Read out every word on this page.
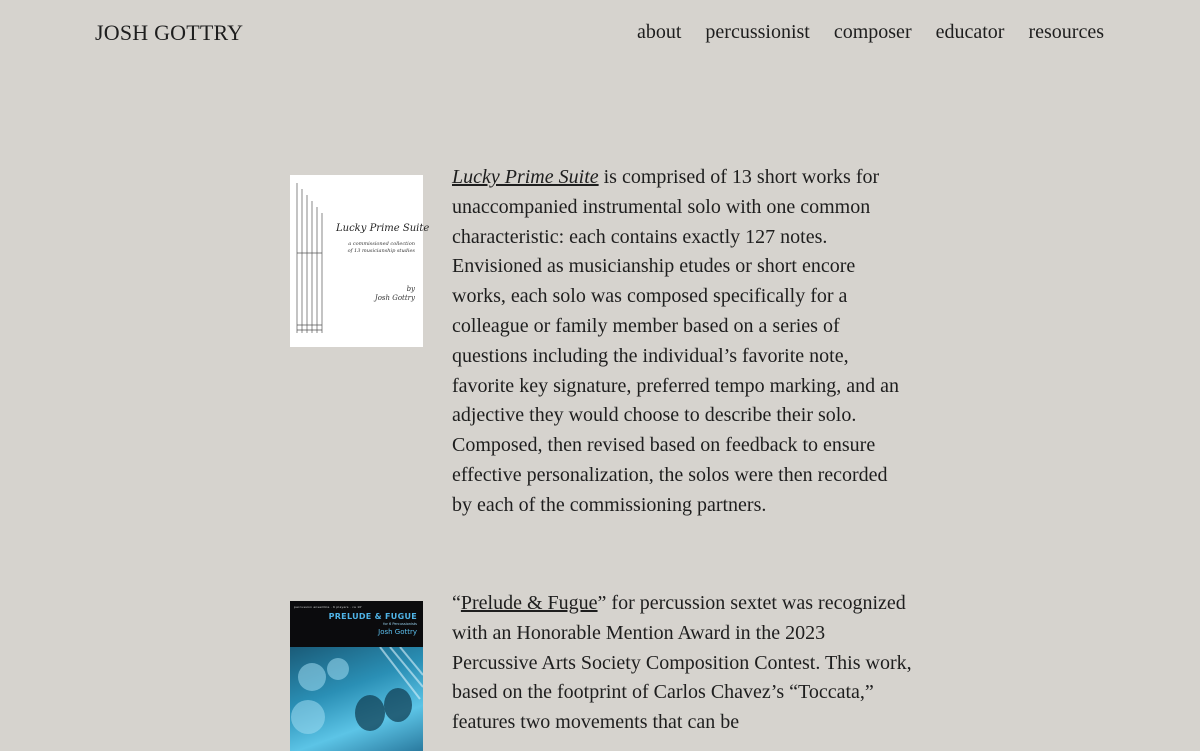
JOSH GOTTRY	about percussionist composer educator resources
Lucky Prime Suite
a commissioned collection of 13 musicianship studies
by
Josh Gottry
Lucky Prime Suite is comprised of 13 short works for unaccompanied instrumental solo with one common characteristic: each contains exactly 127 notes. Envisioned as musicianship etudes or short encore works, each solo was composed specifically for a colleague or family member based on a series of questions including the individual’s favorite note, favorite key signature, preferred tempo marking, and an adjective they would choose to describe their solo. Composed, then revised based on feedback to ensure effective personalization, the solos were then recorded by each of the commissioning partners.
percussion ensemble · 6 players · ca 10'
PRELUDE & FUGUE
for 6 Percussionists
Josh Gottry
“Prelude & Fugue” for percussion sextet was recognized with an Honorable Mention Award in the 2023 Percussive Arts Society Composition Contest. This work, based on the footprint of Carlos Chavez’s “Toccata,” features two movements that can be
